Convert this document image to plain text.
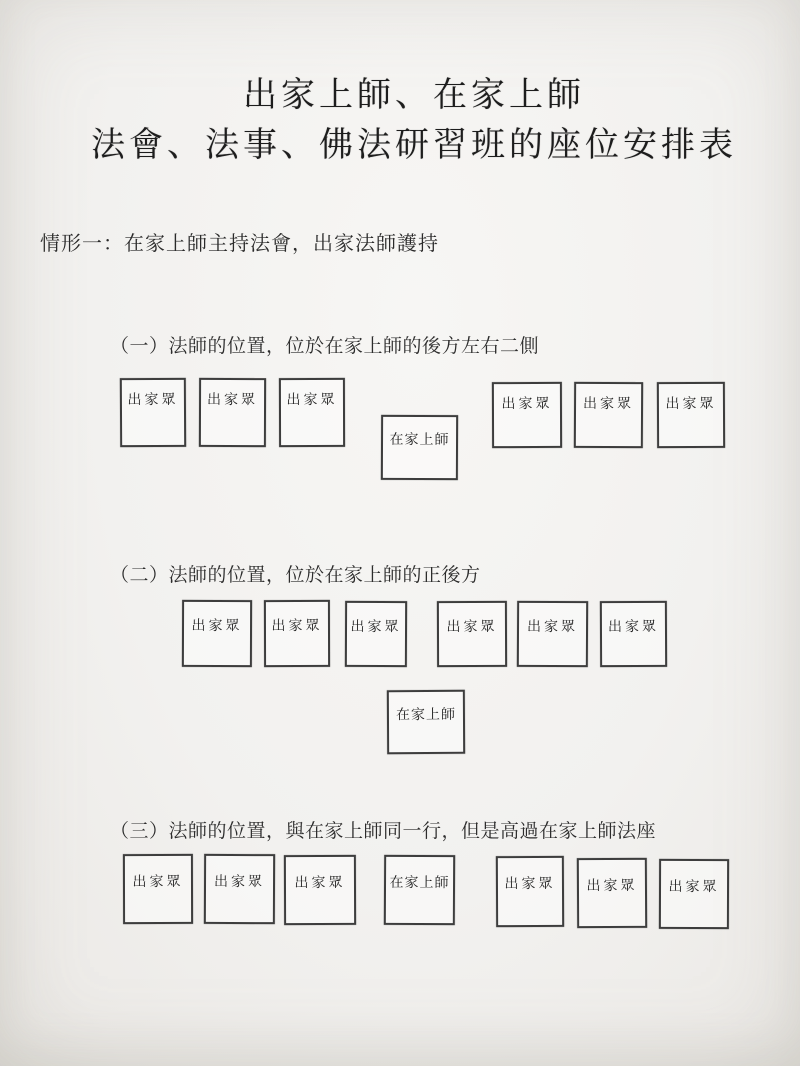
出家上師、在家上師
法會、法事、佛法研習班的座位安排表
情形一：在家上師主持法會，出家法師護持
（一）法師的位置，位於在家上師的後方左右二側
（二）法師的位置，位於在家上師的正後方
（三）法師的位置，與在家上師同一行，但是高過在家上師法座
出家眾 出家眾 出家眾
在家上師
出家眾 出家眾 出家眾
出家眾 出家眾 出家眾	出家眾 出家眾 出家眾
在家上師
出家眾 出家眾 出家眾	在家上師	出家眾 出家眾 出家眾
